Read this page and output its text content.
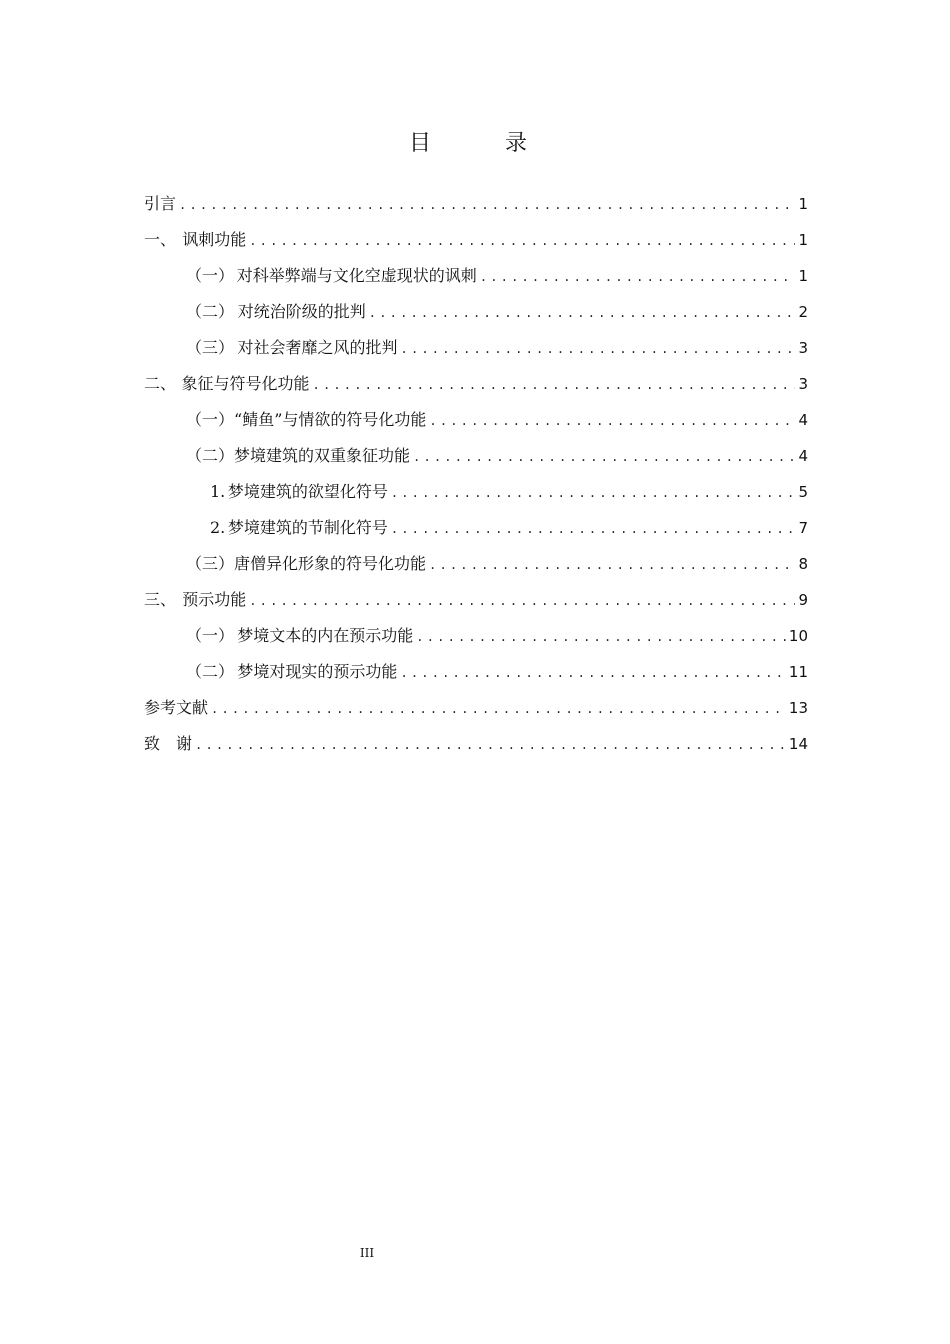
目　录
引言 .....	1
一、 讽刺功能 .....	1
（一） 对科举弊端与文化空虚现状的讽刺 .....	1
（二） 对统治阶级的批判 .....	2
（三） 对社会奢靡之风的批判 .....	3
二、 象征与符号化功能 .....	3
（一） “鲭鱼”与情欲的符号化功能 .....	4
（二） 梦境建筑的双重象征功能 .....	4
1. 梦境建筑的欲望化符号 .....	5
2. 梦境建筑的节制化符号 .....	7
（三） 唐僧异化形象的符号化功能 .....	8
三、 预示功能 .....	9
（一） 梦境文本的内在预示功能 .....	10
（二） 梦境对现实的预示功能 .....	11
参考文献 .....	13
致　谢 .....	14
III
